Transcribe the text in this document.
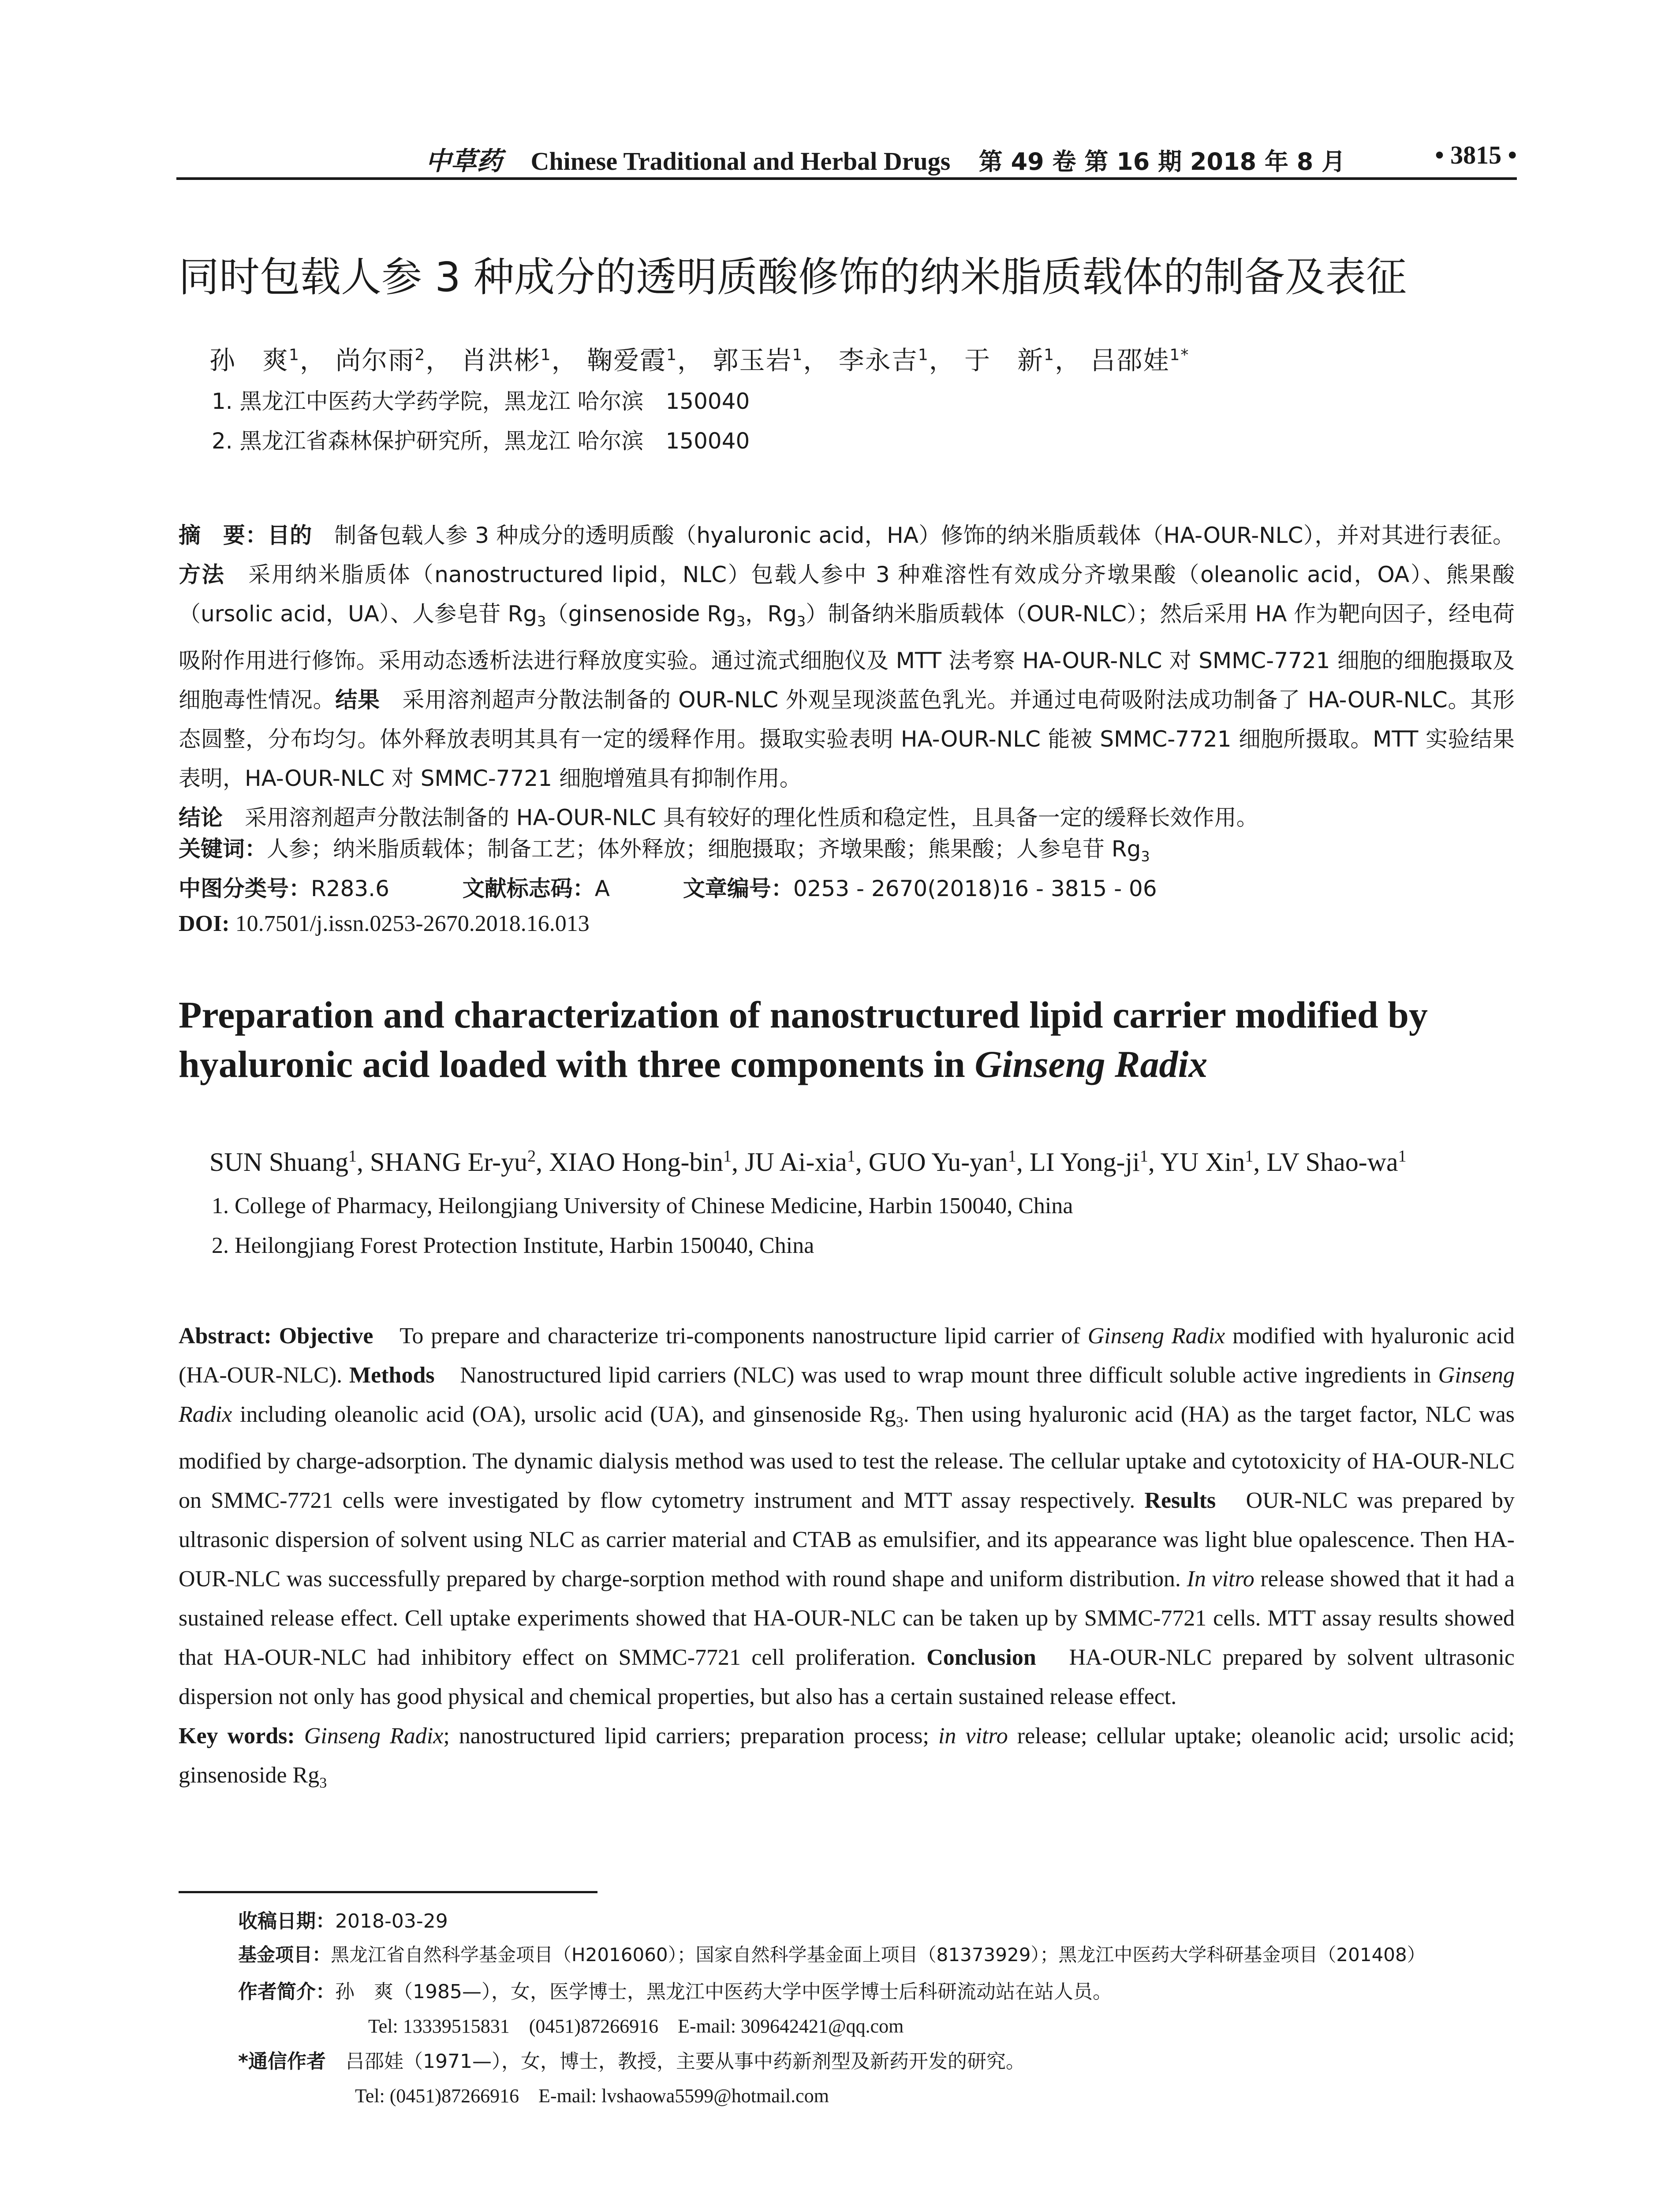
中草药 Chinese Traditional and Herbal Drugs 第 49 卷 第 16 期 2018 年 8 月	• 3815 •
同时包载人参 3 种成分的透明质酸修饰的纳米脂质载体的制备及表征
孙　爽$^1$， 尚尔雨$^2$， 肖洪彬$^1$， 鞠爱霞$^1$， 郭玉岩$^1$， 李永吉$^1$， 于　新$^1$， 吕邵娃$^{1*}$
1. 黑龙江中医药大学药学院，黑龙江 哈尔滨　150040
2. 黑龙江省森林保护研究所，黑龙江 哈尔滨　150040
摘　要：目的　制备包载人参 3 种成分的透明质酸（hyaluronic acid，HA）修饰的纳米脂质载体（HA-OUR-NLC），并对其进行表征。方法　采用纳米脂质体（nanostructured lipid，NLC）包载人参中 3 种难溶性有效成分齐墩果酸（oleanolic acid，OA）、熊果酸（ursolic acid，UA）、人参皂苷 $Rg_3(ginsenoside$ $Rg_3$，$Rg_3$）制备纳米脂质载体（OUR-NLC）；然后采用 HA 作为靶向因子，经电荷吸附作用进行修饰。采用动态透析法进行释放度实验。通过流式细胞仪及 MTT 法考察 HA-OUR-NLC 对 SMMC-7721 细胞的细胞摄取及细胞毒性情况。结果　采用溶剂超声分散法制备的 OUR-NLC 外观呈现淡蓝色乳光。并通过电荷吸附法成功制备了 HA-OUR-NLC。其形态圆整，分布均匀。体外释放表明其具有一定的缓释作用。摄取实验表明 HA-OUR-NLC 能被 SMMC-7721 细胞所摄取。MTT 实验结果表明，HA-OUR-NLC 对 SMMC-7721 细胞增殖具有抑制作用。
结论　采用溶剂超声分散法制备的 HA-OUR-NLC 具有较好的理化性质和稳定性，且具备一定的缓释长效作用。
关键词：人参；纳米脂质载体；制备工艺；体外释放；细胞摄取；齐墩果酸；熊果酸；人参皂苷 $Rg_3$
中图分类号：R283.6	文献标志码：A	文章编号：0253 - 2670(2018)16 - 3815 - 06
DOI: 10.7501/j.issn.0253-2670.2018.16.013
Preparation and characterization of nanostructured lipid carrier modified by hyaluronic acid loaded with three components in Ginseng Radix
SUN Shuang$^1$, SHANG $Er-yu^2$, XIAO Hong-bin$^1$, JU Ai-xia$^1$, GUO Yu-yan$^1$, LI Yong-$ji^1$, YU Xin$^1$, LV Shao-$wa^1$
1. College of Pharmacy, Heilongjiang University of Chinese Medicine, Harbin 150040, China
2. Heilongjiang Forest Protection Institute, Harbin 150040, China
Abstract: Objective　To prepare and characterize tri-components nanostructure lipid carrier of Ginseng Radix modified with hyaluronic acid (HA-OUR-NLC). Methods　Nanostructured lipid carriers (NLC) was used to wrap mount three difficult soluble active ingredients in Ginseng Radix including oleanolic acid (OA), ursolic acid (UA), and ginsenoside $Rg_3$. Then using hyaluronic acid (HA) as the target factor, NLC was modified by charge-adsorption. The dynamic dialysis method was used to test the release. The cellular uptake and cytotoxicity of HA-OUR-NLC on SMMC-7721 cells were investigated by flow cytometry instrument and MTT assay respectively. Results　OUR-NLC was prepared by ultrasonic dispersion of solvent using NLC as carrier material and CTAB as emulsifier, and its appearance was light blue opalescence. Then HA-OUR-NLC was successfully prepared by charge-sorption method with round shape and uniform distribution. In vitro release showed that it had a sustained release effect. Cell uptake experiments showed that HA-OUR-NLC can be taken up by SMMC-7721 cells. MTT assay results showed that HA-OUR-NLC had inhibitory effect on SMMC-7721 cell proliferation. Conclusion　HA-OUR-NLC prepared by solvent ultrasonic dispersion not only has good physical and chemical properties, but also has a certain sustained release effect.
Key words: Ginseng Radix; nanostructured lipid carriers; preparation process; in vitro release; cellular uptake; oleanolic acid; ursolic acid; ginsenoside $Rg_3$
收稿日期：2018-03-29
基金项目：黑龙江省自然科学基金项目（H2016060）；国家自然科学基金面上项目（81373929）；黑龙江中医药大学科研基金项目（201408）
作者简介：孙　爽（1985—），女，医学博士，黑龙江中医药大学中医学博士后科研流动站在站人员。
Tel: 13339515831　(0451)87266916　E-mail: 309642421@qq.com
*通信作者　吕邵娃（1971—），女，博士，教授，主要从事中药新剂型及新药开发的研究。
Tel: (0451)87266916　E-mail: lvshaowa5599@hotmail.com
